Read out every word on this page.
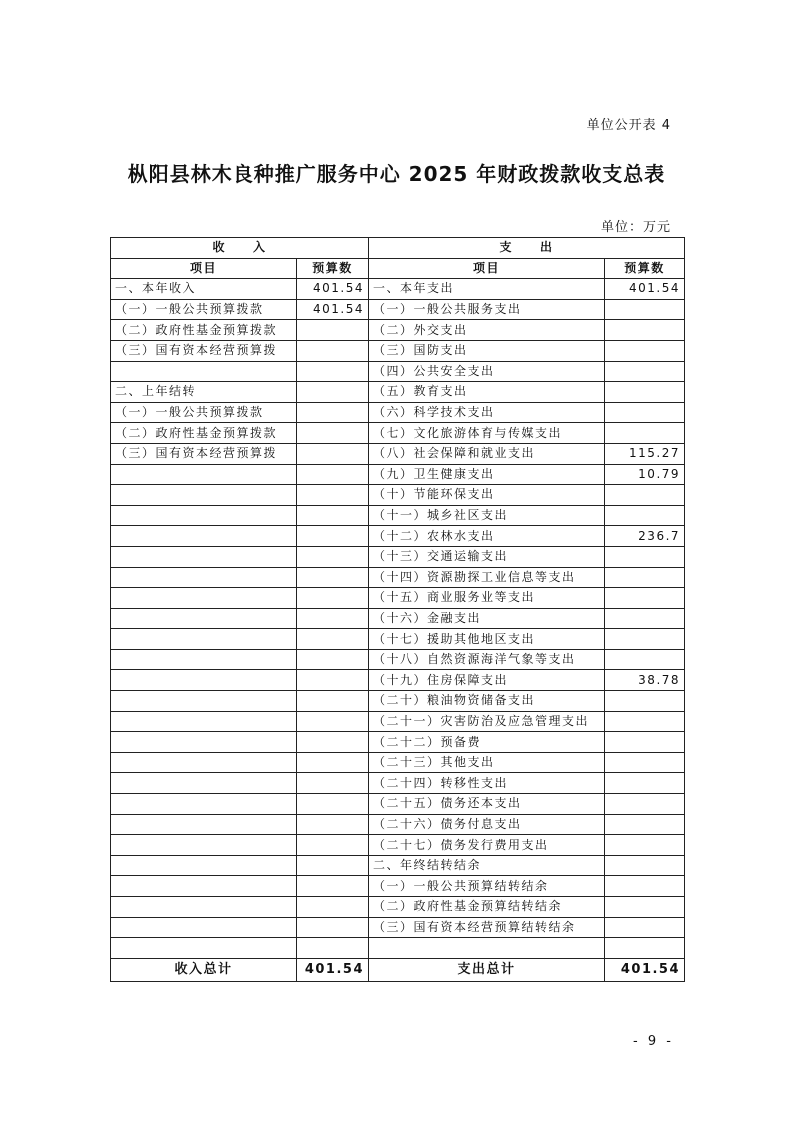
单位公开表 4
枞阳县林木良种推广服务中心 2025 年财政拨款收支总表
单位：万元
收　　入		支　　出	
项目	预算数	项目	预算数
一、本年收入	401.54	一、本年支出	401.54
（一）一般公共预算拨款	401.54	（一）一般公共服务支出	
（二）政府性基金预算拨款		（二）外交支出	
（三）国有资本经营预算拨		（三）国防支出	
		（四）公共安全支出	
二、上年结转		（五）教育支出	
（一）一般公共预算拨款		（六）科学技术支出	
（二）政府性基金预算拨款		（七）文化旅游体育与传媒支出	
（三）国有资本经营预算拨		（八）社会保障和就业支出	115.27
		（九）卫生健康支出	10.79
		（十）节能环保支出	
		（十一）城乡社区支出	
		（十二）农林水支出	236.7
		（十三）交通运输支出	
		（十四）资源勘探工业信息等支出	
		（十五）商业服务业等支出	
		（十六）金融支出	
		（十七）援助其他地区支出	
		（十八）自然资源海洋气象等支出	
		（十九）住房保障支出	38.78
		（二十）粮油物资储备支出	
		（二十一）灾害防治及应急管理支出	
		（二十二）预备费	
		（二十三）其他支出	
		（二十四）转移性支出	
		（二十五）债务还本支出	
		（二十六）债务付息支出	
		（二十七）债务发行费用支出	
		二、年终结转结余	
		（一）一般公共预算结转结余	
		（二）政府性基金预算结转结余	
		（三）国有资本经营预算结转结余	

收入总计	401.54	支出总计	401.54
- 9 -
